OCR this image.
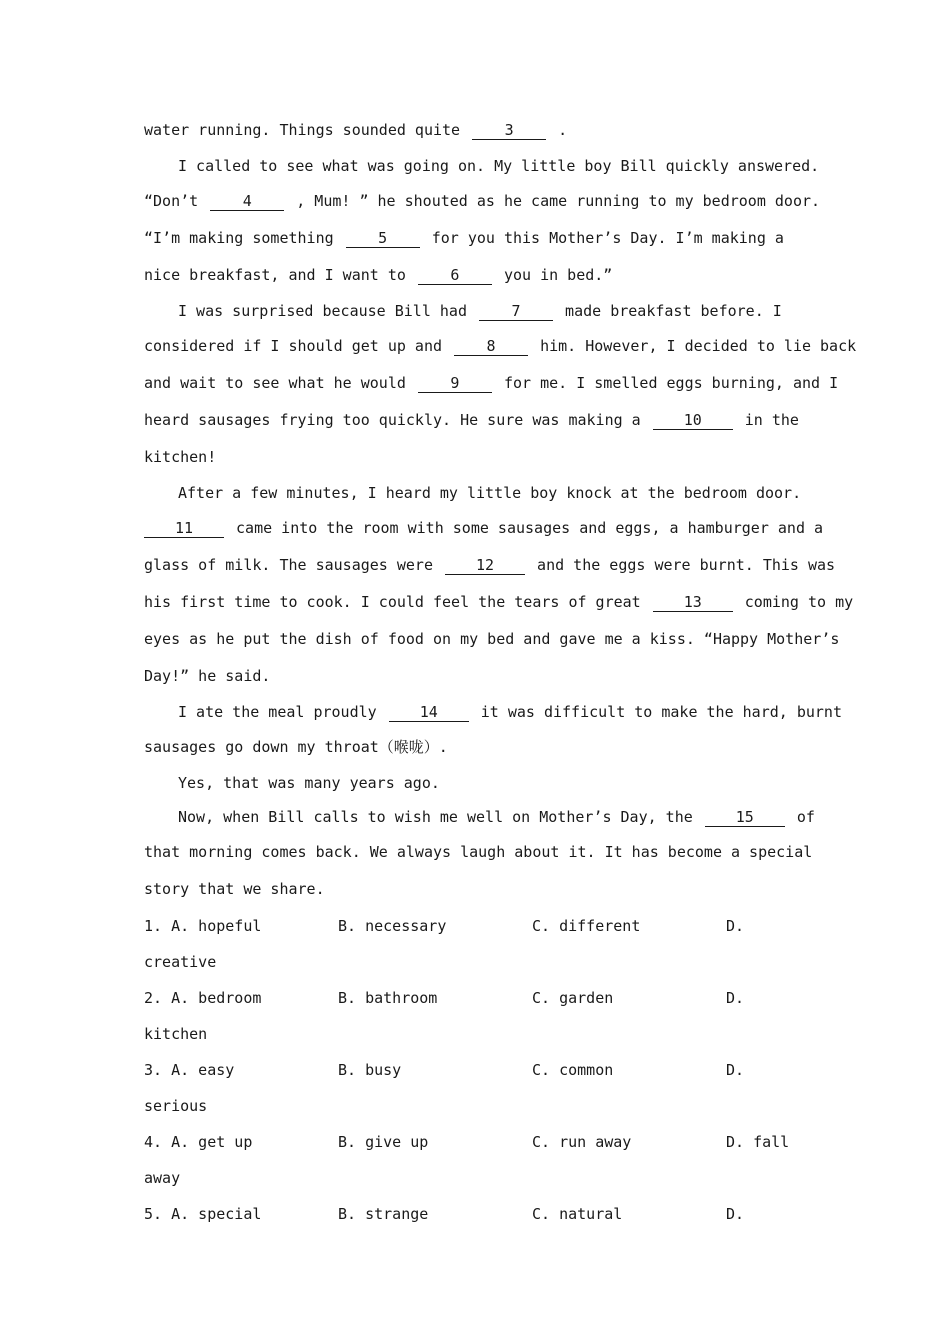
water running. Things sounded quite 3 .
I called to see what was going on. My little boy Bill quickly answered.
“Don’t 4 , Mum! ” he shouted as he came running to my bedroom door.
“I’m making something 5 for you this Mother’s Day. I’m making a
nice breakfast, and I want to 6 you in bed.”
I was surprised because Bill had 7 made breakfast before. I
considered if I should get up and 8 him. However, I decided to lie back
and wait to see what he would 9 for me. I smelled eggs burning, and I
heard sausages frying too quickly. He sure was making a 10 in the
kitchen!
After a few minutes, I heard my little boy knock at the bedroom door.
11 came into the room with some sausages and eggs, a hamburger and a
glass of milk. The sausages were 12 and the eggs were burnt. This was
his first time to cook. I could feel the tears of great 13 coming to my
eyes as he put the dish of food on my bed and gave me a kiss. “Happy Mother’s
Day!” he said.
I ate the meal proudly 14 it was difficult to make the hard, burnt
sausages go down my throat（喉咙）.
Yes, that was many years ago.
Now, when Bill calls to wish me well on Mother’s Day, the 15 of
that morning comes back. We always laugh about it. It has become a special
story that we share.
1. A. hopeful	B. necessary	C. different	D.
creative
2. A. bedroom	B. bathroom	C. garden	D.
kitchen
3. A. easy	B. busy	C. common	D.
serious
4. A. get up	B. give up	C. run away	D. fall
away
5. A. special	B. strange	C. natural	D.
